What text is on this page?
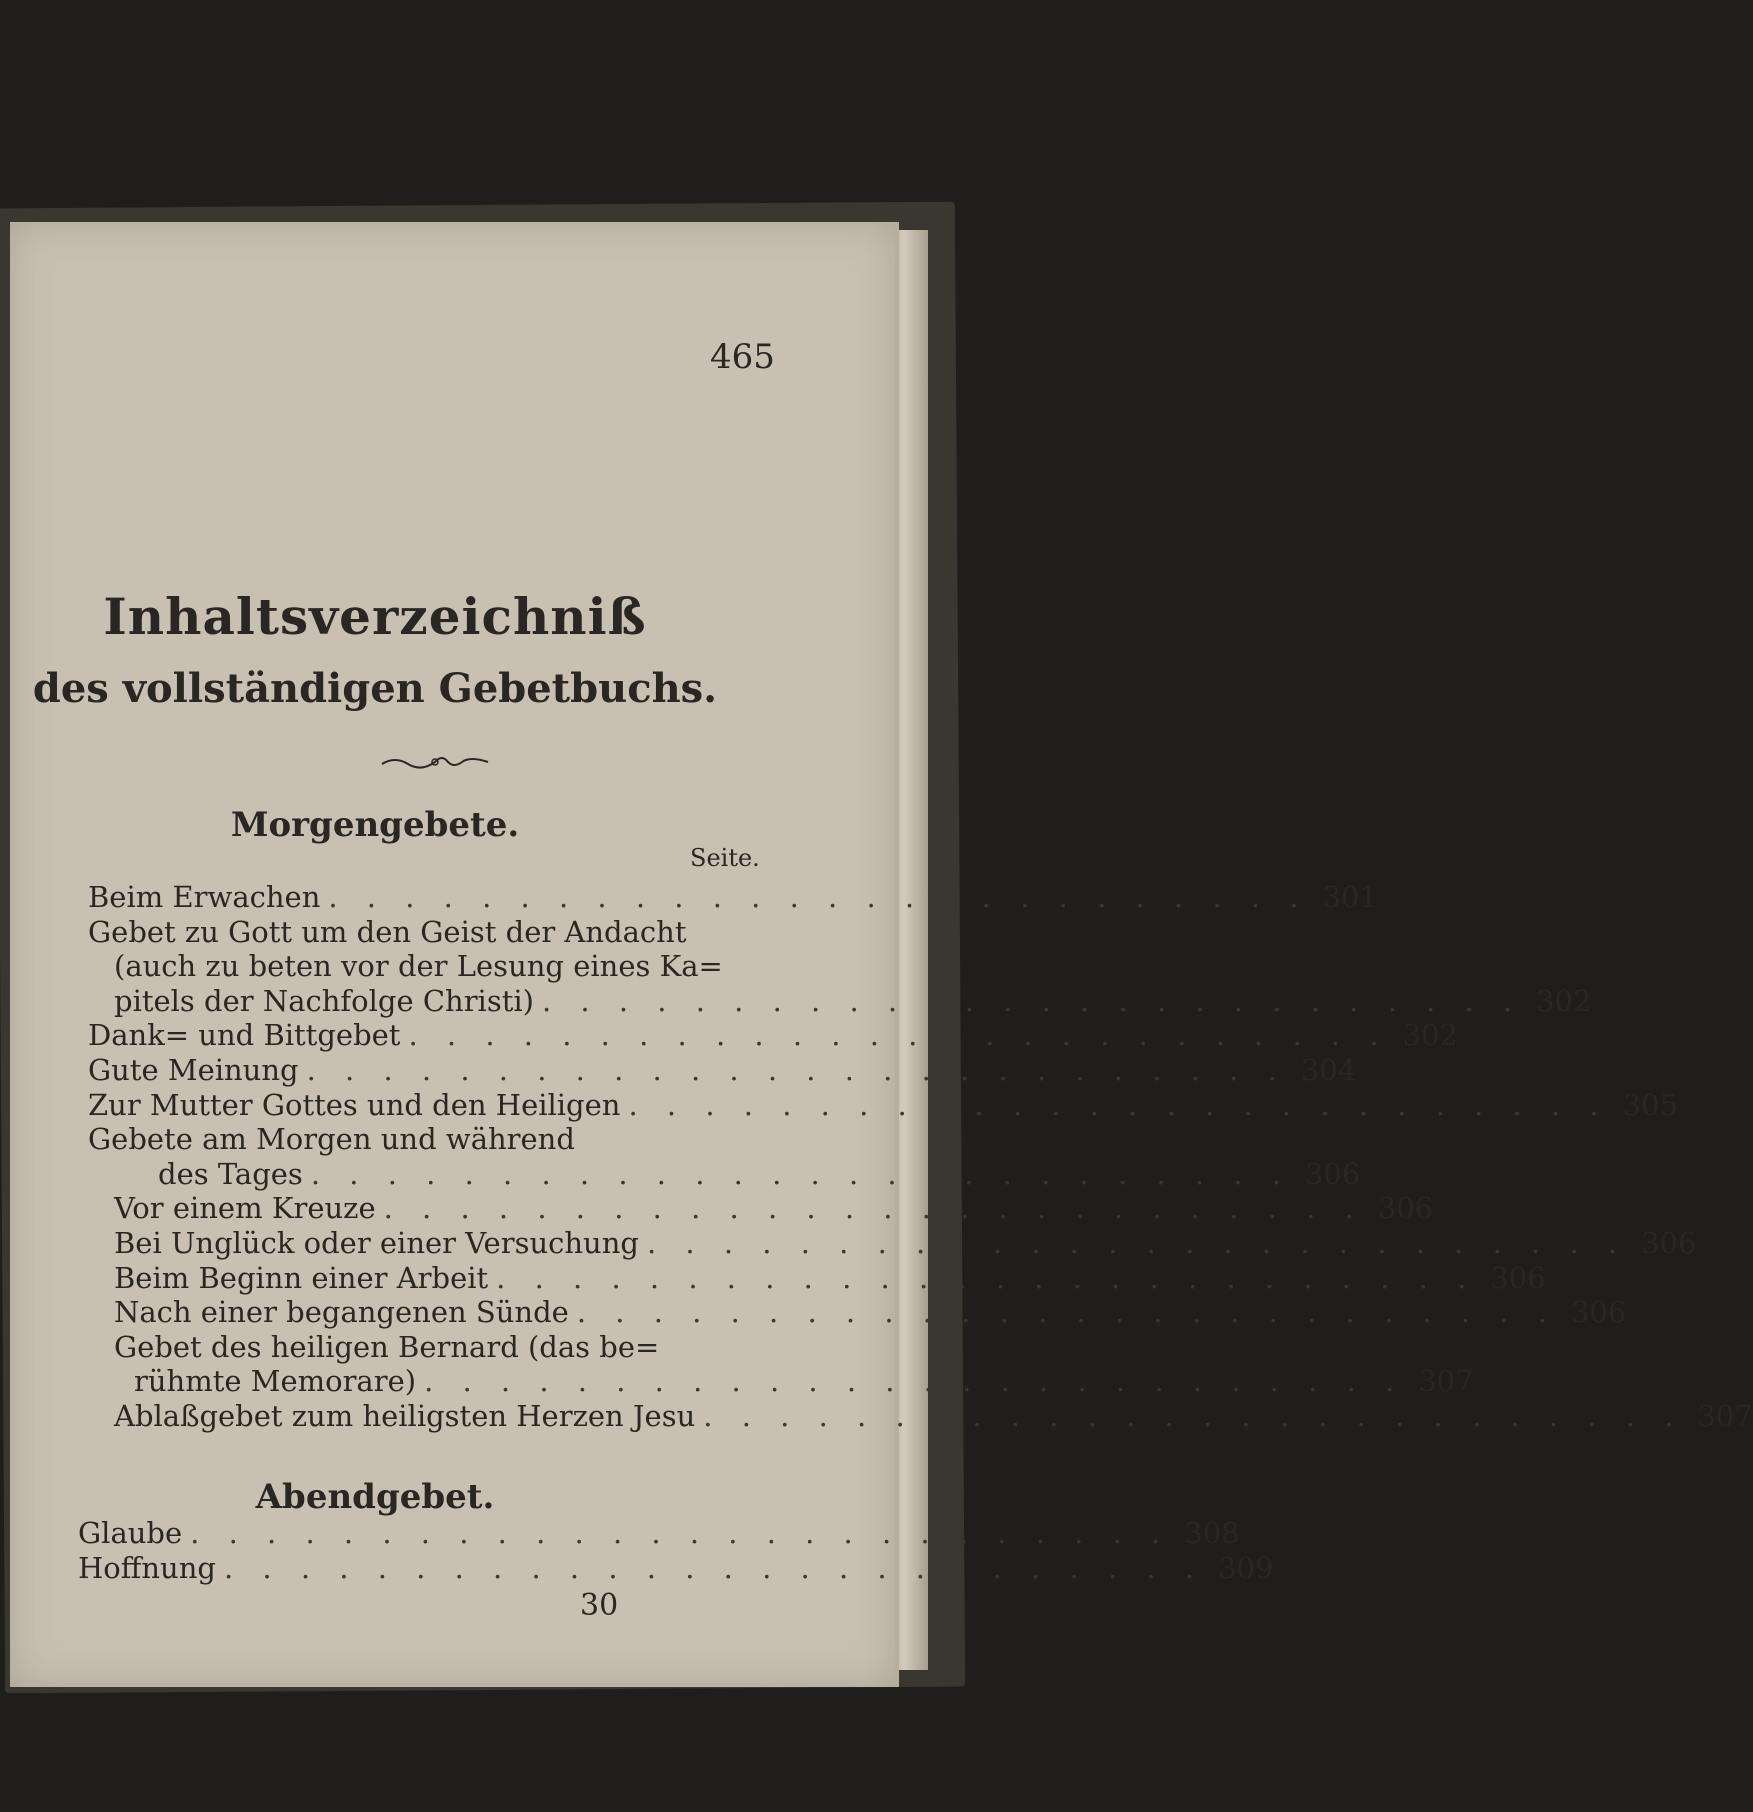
465
Inhaltsverzeichniß
des vollständigen Gebetbuchs.
Morgengebete.
Seite.
Beim Erwachen . . . . . . . . . . . . . . . . . . . . . . . . . . 301
Gebet zu Gott um den Geist der Andacht
(auch zu beten vor der Lesung eines Ka=
pitels der Nachfolge Christi) . . . . . . . . . . . . . . . . . . . . . . . . . . 302
Dank= und Bittgebet . . . . . . . . . . . . . . . . . . . . . . . . . . 302
Gute Meinung . . . . . . . . . . . . . . . . . . . . . . . . . . 304
Zur Mutter Gottes und den Heiligen . . . . . . . . . . . . . . . . . . . . . . . . . . 305
Gebete am Morgen und während
des Tages . . . . . . . . . . . . . . . . . . . . . . . . . . 306
Vor einem Kreuze . . . . . . . . . . . . . . . . . . . . . . . . . . 306
Bei Unglück oder einer Versuchung . . . . . . . . . . . . . . . . . . . . . . . . . . 306
Beim Beginn einer Arbeit . . . . . . . . . . . . . . . . . . . . . . . . . . 306
Nach einer begangenen Sünde . . . . . . . . . . . . . . . . . . . . . . . . . . 306
Gebet des heiligen Bernard (das be=
rühmte Memorare) . . . . . . . . . . . . . . . . . . . . . . . . . . 307
Ablaßgebet zum heiligsten Herzen Jesu . . . . . . . . . . . . . . . . . . . . . . . . . . 307
Glaube . . . . . . . . . . . . . . . . . . . . . . . . . . 308
Hoffnung . . . . . . . . . . . . . . . . . . . . . . . . . . 309
Abendgebet.
30
